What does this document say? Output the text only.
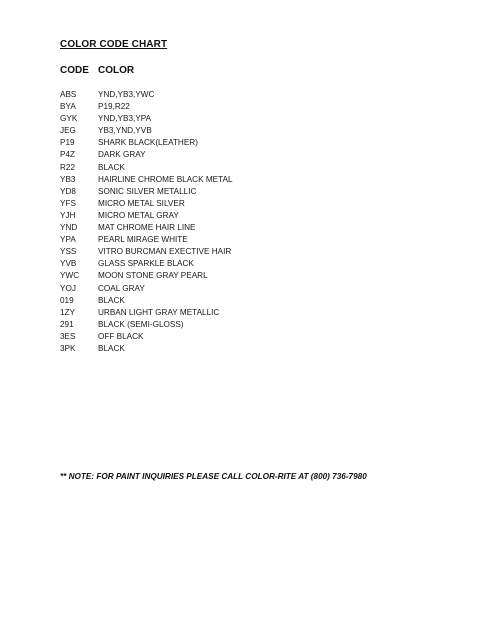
COLOR CODE CHART
CODE COLOR
ABS	YND,YB3,YWC
BYA	P19,R22
GYK	YND,YB3,YPA
JEG	YB3,YND,YVB
P19	SHARK BLACK(LEATHER)
P4Z	DARK GRAY
R22	BLACK
YB3	HAIRLINE CHROME BLACK METAL
YD8	SONIC SILVER METALLIC
YFS	MICRO METAL SILVER
YJH	MICRO METAL GRAY
YND	MAT CHROME HAIR LINE
YPA	PEARL MIRAGE WHITE
YSS	VITRO BURCMAN EXECTIVE HAIR
YVB	GLASS SPARKLE BLACK
YWC MOON STONE GRAY PEARL
YOJ	COAL GRAY
019	BLACK
1ZY	URBAN LIGHT GRAY METALLIC
291	BLACK (SEMI-GLOSS)
3ES	OFF BLACK
3PK	BLACK
** NOTE: FOR PAINT INQUIRIES PLEASE CALL COLOR-RITE AT (800) 736-7980
